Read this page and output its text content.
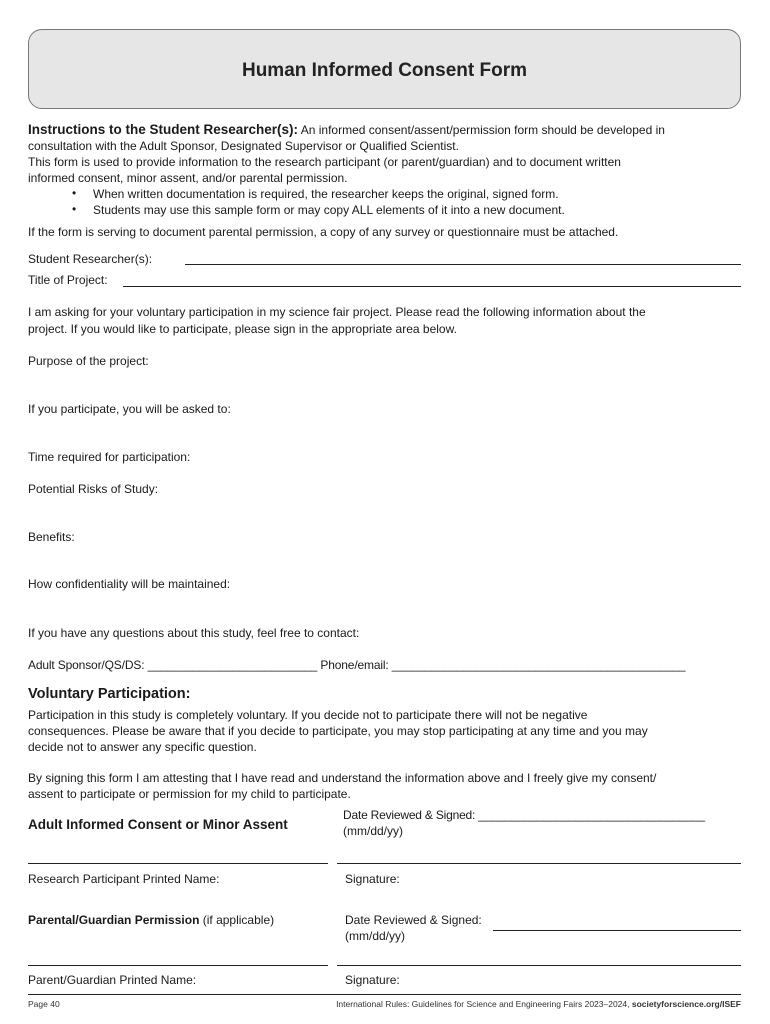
Human Informed Consent Form
Instructions to the Student Researcher(s): An informed consent/assent/permission form should be developed in
consultation with the Adult Sponsor, Designated Supervisor or Qualified Scientist.
This form is used to provide information to the research participant (or parent/guardian) and to document written
informed consent, minor assent, and/or parental permission.
• When written documentation is required, the researcher keeps the original, signed form.
• Students may use this sample form or may copy ALL elements of it into a new document.
If the form is serving to document parental permission, a copy of any survey or questionnaire must be attached.
Student Researcher(s):
Title of Project:
I am asking for your voluntary participation in my science fair project. Please read the following information about the
project. If you would like to participate, please sign in the appropriate area below.
Purpose of the project:
If you participate, you will be asked to:
Time required for participation:
Potential Risks of Study:
Benefits:
How confidentiality will be maintained:
If you have any questions about this study, feel free to contact:
Adult Sponsor/QS/DS: __________________________ Phone/email: _____________________________________________
Voluntary Participation:
Participation in this study is completely voluntary. If you decide not to participate there will not be negative
consequences. Please be aware that if you decide to participate, you may stop participating at any time and you may
decide not to answer any specific question.
By signing this form I am attesting that I have read and understand the information above and I freely give my consent/
assent to participate or permission for my child to participate.
Adult Informed Consent or Minor Assent
Date Reviewed & Signed: ___________________________________
(mm/dd/yy)
Research Participant Printed Name:	Signature:
Parental/Guardian Permission (if applicable)	Date Reviewed & Signed:
(mm/dd/yy)
Parent/Guardian Printed Name:	Signature:
Page 40	International Rules: Guidelines for Science and Engineering Fairs 2023–2024, societyforscience.org/ISEF
